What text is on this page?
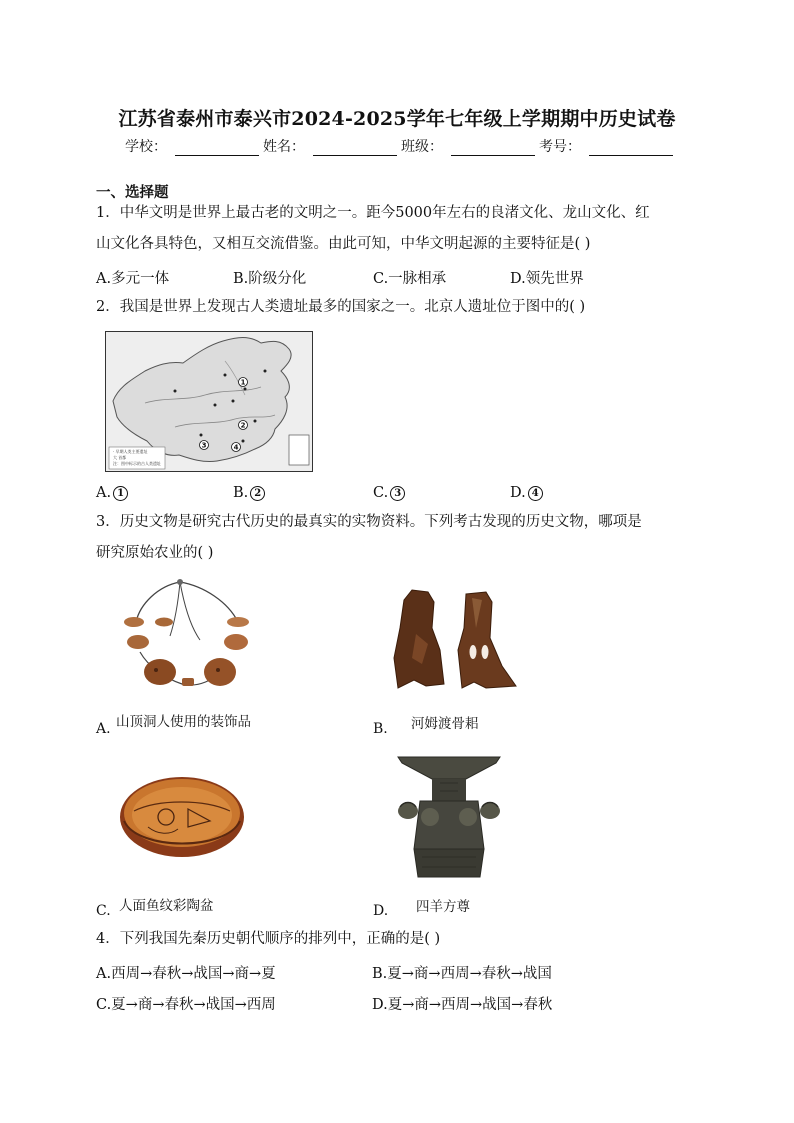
江苏省泰州市泰兴市2024-2025学年七年级上学期期中历史试卷
学校：	姓名：	班级：	考号：
一、选择题
1．中华文明是世界上最古老的文明之一。距今5000年左右的良渚文化、龙山文化、红
山文化各具特色，又相互交流借鉴。由此可知，中华文明起源的主要特征是( )
A.多元一体	B.阶级分化	C.一脉相承	D.领先世界
2．我国是世界上发现古人类遗址最多的国家之一。北京人遗址位于图中的( )
· 早期人类主要遗址
大 首都
注：图中标示的古人类遗址
1
2
3	4
A. 1	B. 2	C. 3	D. 4
3．历史文物是研究古代历史的最真实的实物资料。下列考古发现的历史文物，哪项是
研究原始农业的( )
A. 山顶洞人使用的装饰品	B. 河姆渡骨耜
C. 人面鱼纹彩陶盆	D. 四羊方尊
4．下列我国先秦历史朝代顺序的排列中，正确的是( )
A.西周→春秋→战国→商→夏	B.夏→商→西周→春秋→战国
C.夏→商→春秋→战国→西周	D.夏→商→西周→战国→春秋
